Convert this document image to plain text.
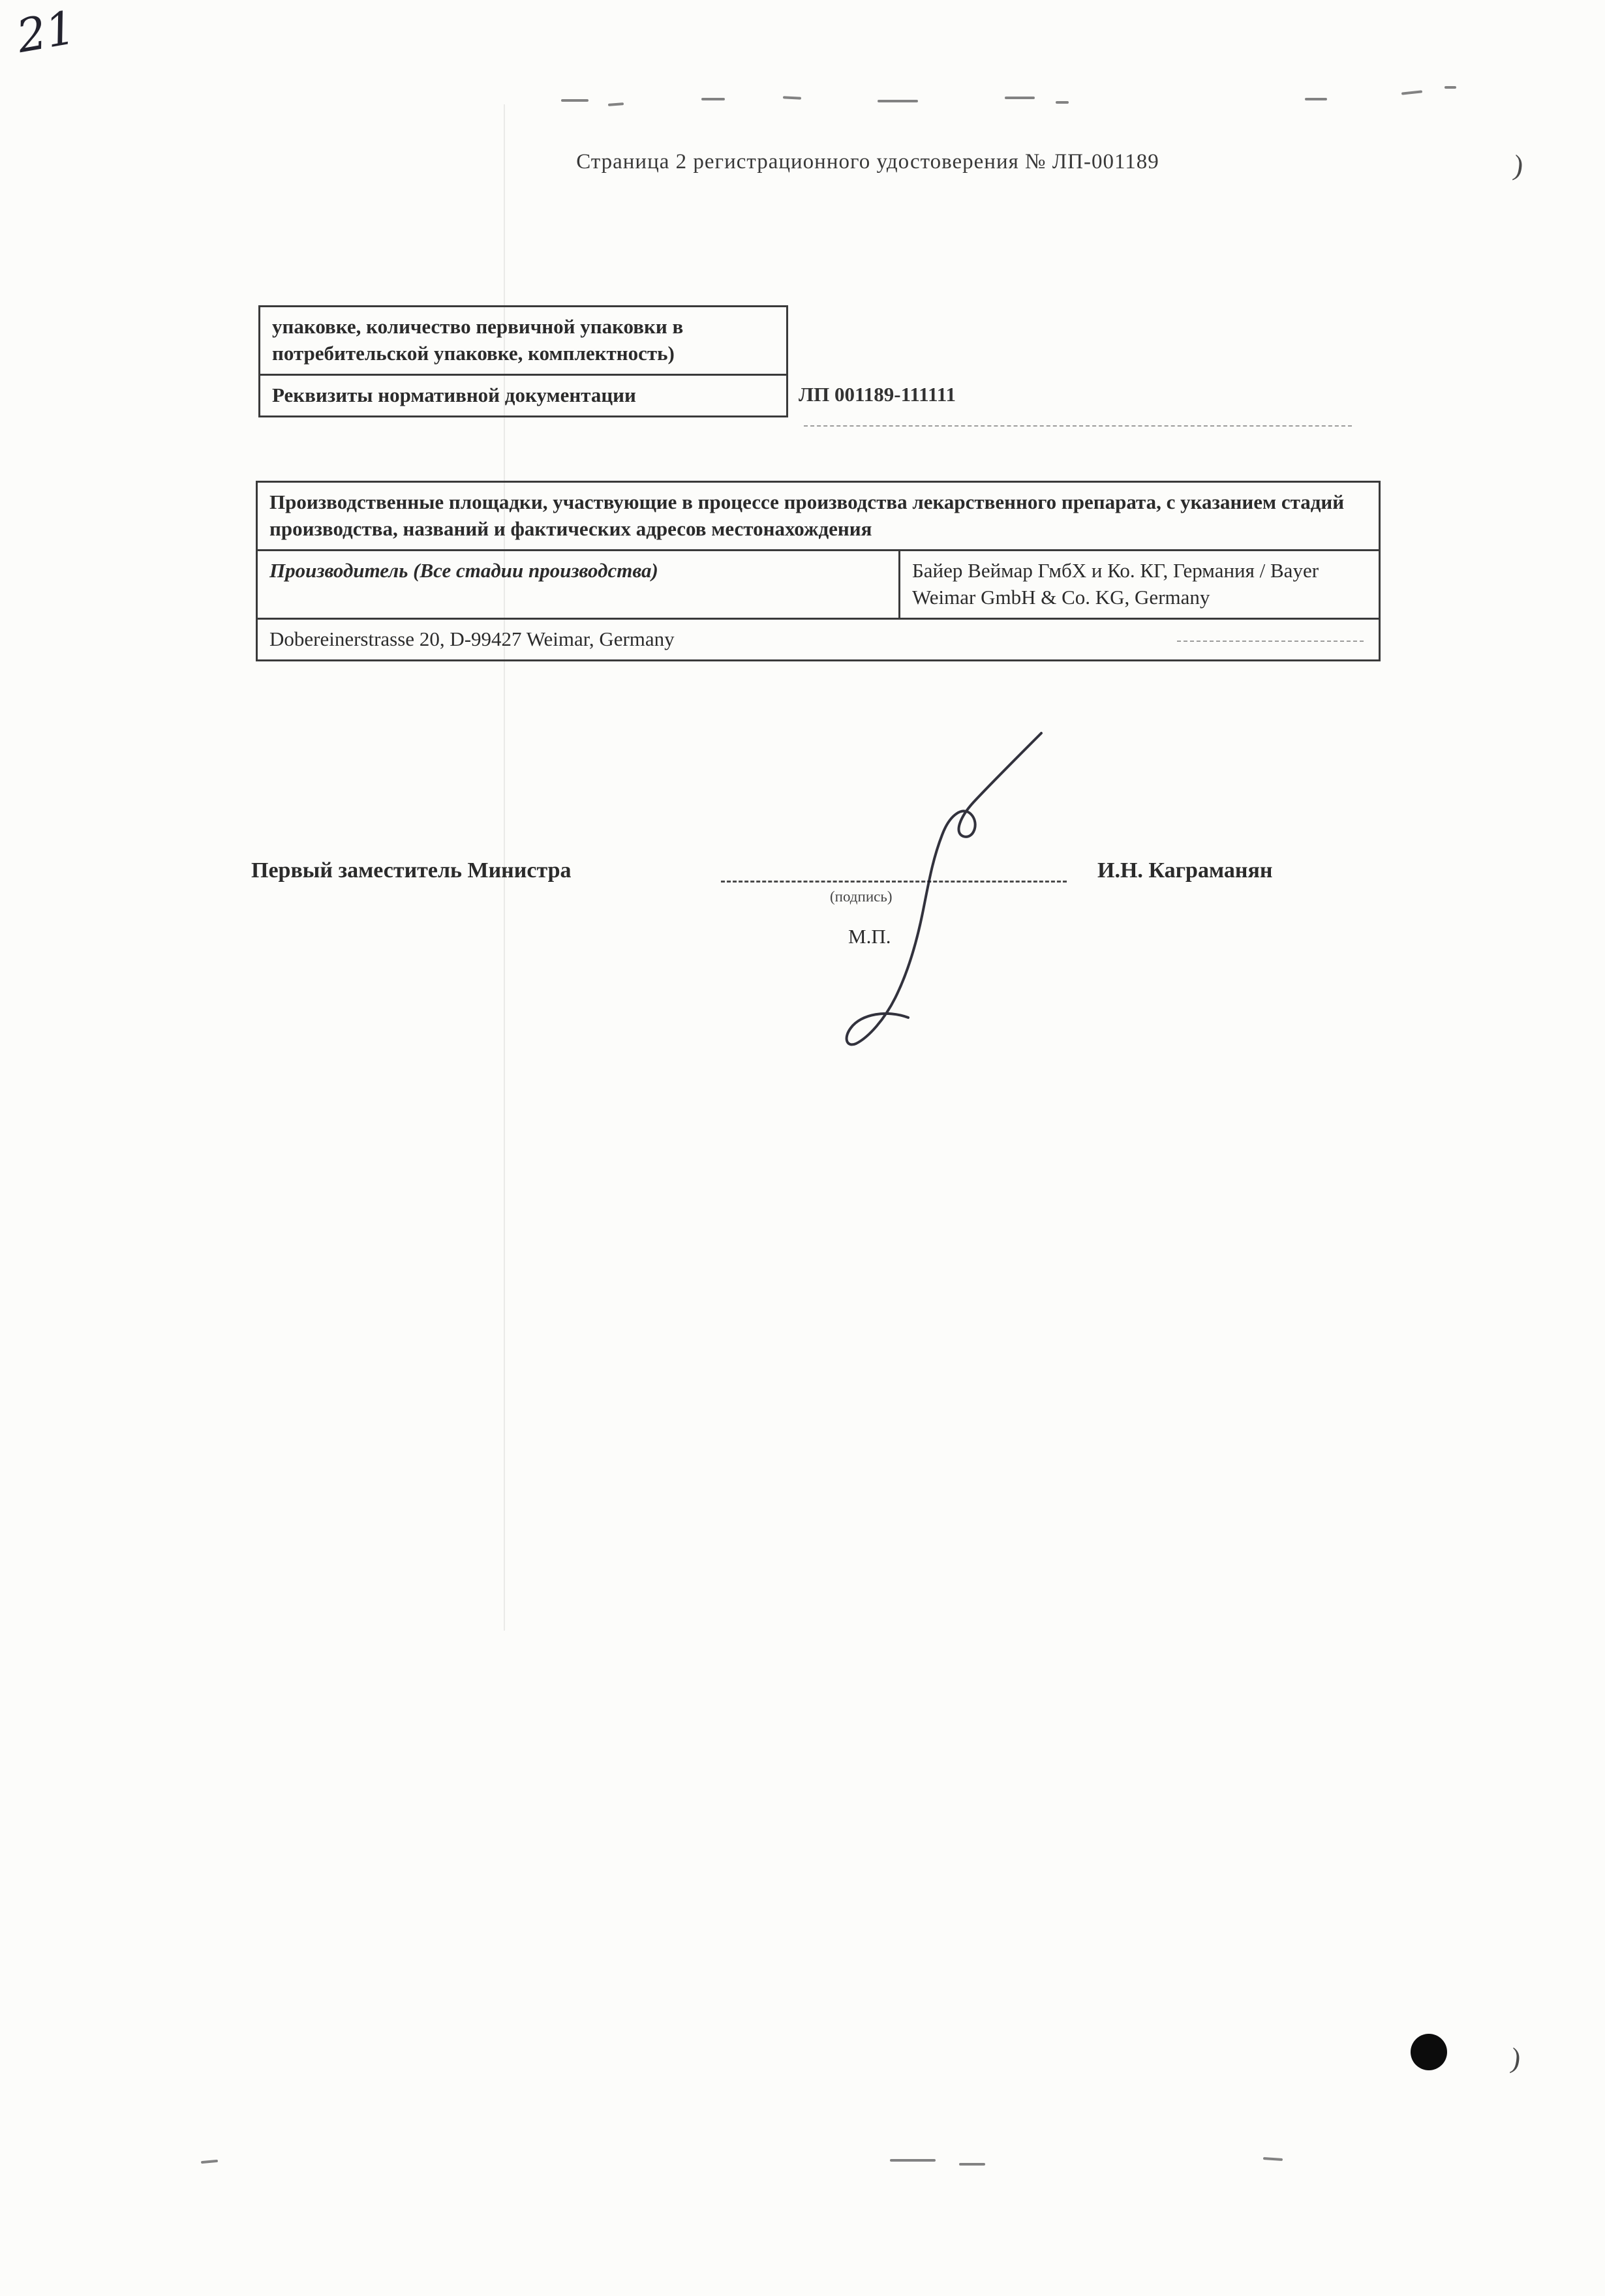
21
)
)
Страница 2 регистрационного удостоверения № ЛП-001189
упаковке, количество первичной упаковки в потребительской упаковке, комплектность)
Реквизиты нормативной документации	ЛП 001189-111111
Производственные площадки, участвующие в процессе производства лекарственного препарата, с указанием стадий производства, названий и фактических адресов местонахождения
Производитель (Все стадии производства)	Байер Веймар ГмбХ и Ко. КГ, Германия / Bayer Weimar GmbH & Co. KG, Germany
Dobereinerstrasse 20, D-99427 Weimar, Germany
Первый заместитель Министра
(подпись)
М.П.
И.Н. Каграманян
